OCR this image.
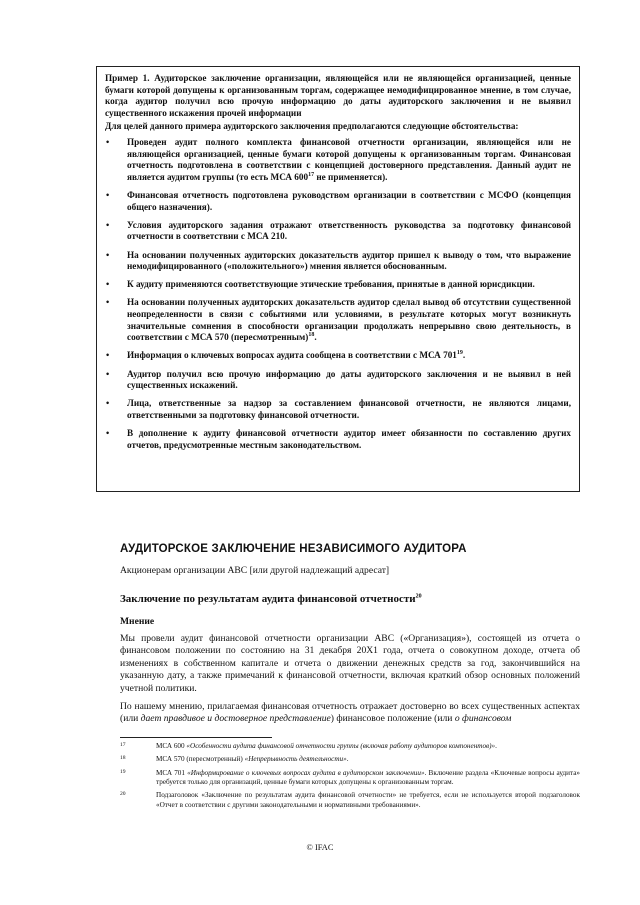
Пример 1. Аудиторское заключение организации, являющейся или не являющейся организацией, ценные бумаги которой допущены к организованным торгам, содержащее немодифицированное мнение, в том случае, когда аудитор получил всю прочую информацию до даты аудиторского заключения и не выявил существенного искажения прочей информации

Для целей данного примера аудиторского заключения предполагаются следующие обстоятельства:

• Проведен аудит полного комплекта финансовой отчетности организации, являющейся или не являющейся организацией, ценные бумаги которой допущены к организованным торгам. Финансовая отчетность подготовлена в соответствии с концепцией достоверного представления. Данный аудит не является аудитом группы (то есть МСА $600^{17}$ не применяется).
• Финансовая отчетность подготовлена руководством организации в соответствии с МСФО (концепция общего назначения).
• Условия аудиторского задания отражают ответственность руководства за подготовку финансовой отчетности в соответствии с МСА 210.
• На основании полученных аудиторских доказательств аудитор пришел к выводу о том, что выражение немодифицированного («положительного») мнения является обоснованным.
• К аудиту применяются соответствующие этические требования, принятые в данной юрисдикции.
• На основании полученных аудиторских доказательств аудитор сделал вывод об отсутствии существенной неопределенности в связи с событиями или условиями, в результате которых могут возникнуть значительные сомнения в способности организации продолжать непрерывно свою деятельность, в соответствии с МСА 570 (пересмотренным)$^{18}$.
• Информация о ключевых вопросах аудита сообщена в соответствии с МСА $701^{19}$.
• Аудитор получил всю прочую информацию до даты аудиторского заключения и не выявил в ней существенных искажений.
• Лица, ответственные за надзор за составлением финансовой отчетности, не являются лицами, ответственными за подготовку финансовой отчетности.
• В дополнение к аудиту финансовой отчетности аудитор имеет обязанности по составлению других отчетов, предусмотренные местным законодательством.

АУДИТОРСКОЕ ЗАКЛЮЧЕНИЕ НЕЗАВИСИМОГО АУДИТОРА

Акционерам организации АВС [или другой надлежащий адресат]

Заключение по результатам аудита финансовой отчетности$^{20}$

Мнение

Мы провели аудит финансовой отчетности организации АВС («Организация»), состоящей из отчета о финансовом положении по состоянию на 31 декабря 20Х1 года, отчета о совокупном доходе, отчета об изменениях в собственном капитале и отчета о движении денежных средств за год, закончившийся на указанную дату, а также примечаний к финансовой отчетности, включая краткий обзор основных положений учетной политики.

По нашему мнению, прилагаемая финансовая отчетность отражает достоверно во всех существенных аспектах (или дает правдивое и достоверное представление) финансовое положение (или о финансовом

17	МСА 600 «Особенности аудита финансовой отчетности группы (включая работу аудиторов компонентов)».

18	МСА 570 (пересмотренный) «Непрерывность деятельности».

19	МСА 701 «Информирование о ключевых вопросах аудита в аудиторском заключении». Включение раздела «Ключевые вопросы аудита» требуется только для организаций, ценные бумаги которых допущены к организованным торгам.

20	Подзаголовок «Заключение по результатам аудита финансовой отчетности» не требуется, если не используется второй подзаголовок «Отчет в соответствии с другими законодательными и нормативными требованиями».

© IFAC
